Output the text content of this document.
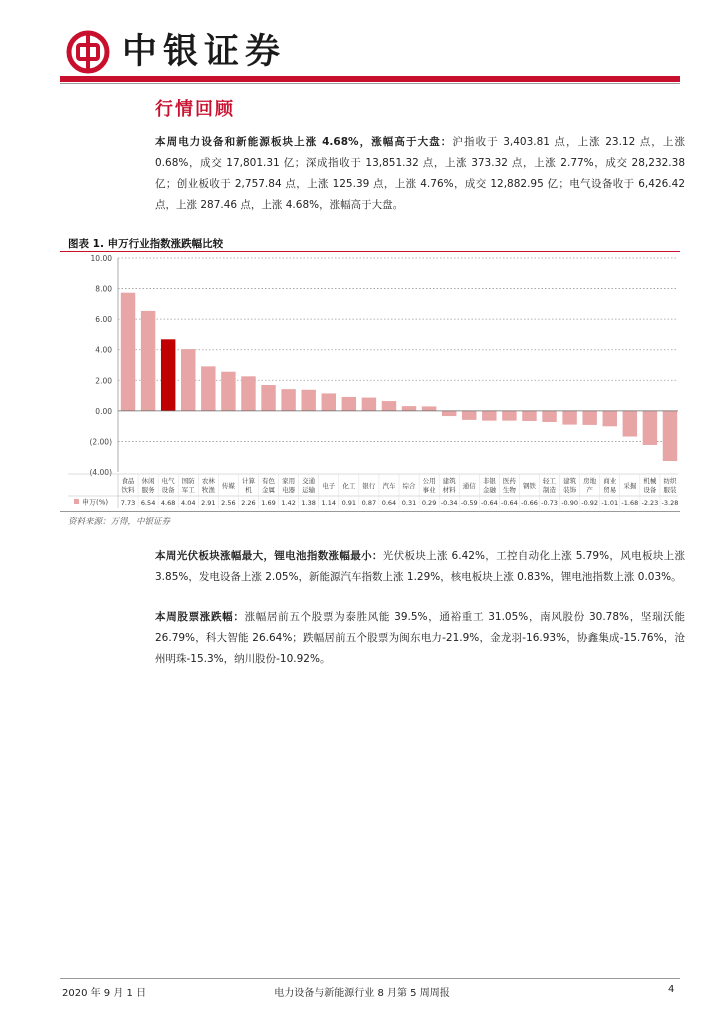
中银证券
行情回顾
本周电力设备和新能源板块上涨 4.68%，涨幅高于大盘：沪指收于 3,403.81 点，上涨 23.12 点，上涨 0.68%，成交 17,801.31 亿；深成指收于 13,851.32 点，上涨 373.32 点，上涨 2.77%，成交 28,232.38 亿；创业板收于 2,757.84 点，上涨 125.39 点，上涨 4.76%，成交 12,882.95 亿；电气设备收于 6,426.42 点，上涨 287.46 点，上涨 4.68%，涨幅高于大盘。
图表 1. 申万行业指数涨跌幅比较
10.00
8.00
6.00
4.00
2.00
0.00
(2.00)
(4.00)
申万(%)
食品
饮料
7.73
休闲
服务
6.54
电气
设备
4.68
国防
军工
4.04
农林
牧渔
2.91
传媒
2.56
计算
机
2.26
有色
金属
1.69
家用
电器
1.42
交通
运输
1.38
电子
1.14
化工
0.91
银行
0.87
汽车
0.64
综合
0.31
公用
事业
0.29
建筑
材料
-0.34
通信
-0.59
非银
金融
-0.64
医药
生物
-0.64
钢铁
-0.66
轻工
制造
-0.73
建筑
装饰
-0.90
房地
产
-0.92
商业
贸易
-1.01
采掘
-1.68
机械
设备
-2.23
纺织
服装
-3.28
资料来源：万得，中银证券
本周光伏板块涨幅最大，锂电池指数涨幅最小：光伏板块上涨 6.42%，工控自动化上涨 5.79%，风电板块上涨 3.85%，发电设备上涨 2.05%，新能源汽车指数上涨 1.29%，核电板块上涨 0.83%，锂电池指数上涨 0.03%。
本周股票涨跌幅：涨幅居前五个股票为泰胜风能 39.5%，通裕重工 31.05%，南风股份 30.78%，坚瑞沃能 26.79%，科大智能 26.64%；跌幅居前五个股票为闽东电力-21.9%，金龙羽-16.93%，协鑫集成-15.76%，沧州明珠-15.3%，纳川股份-10.92%。
2020 年 9 月 1 日	电力设备与新能源行业 8 月第 5 周周报	4
